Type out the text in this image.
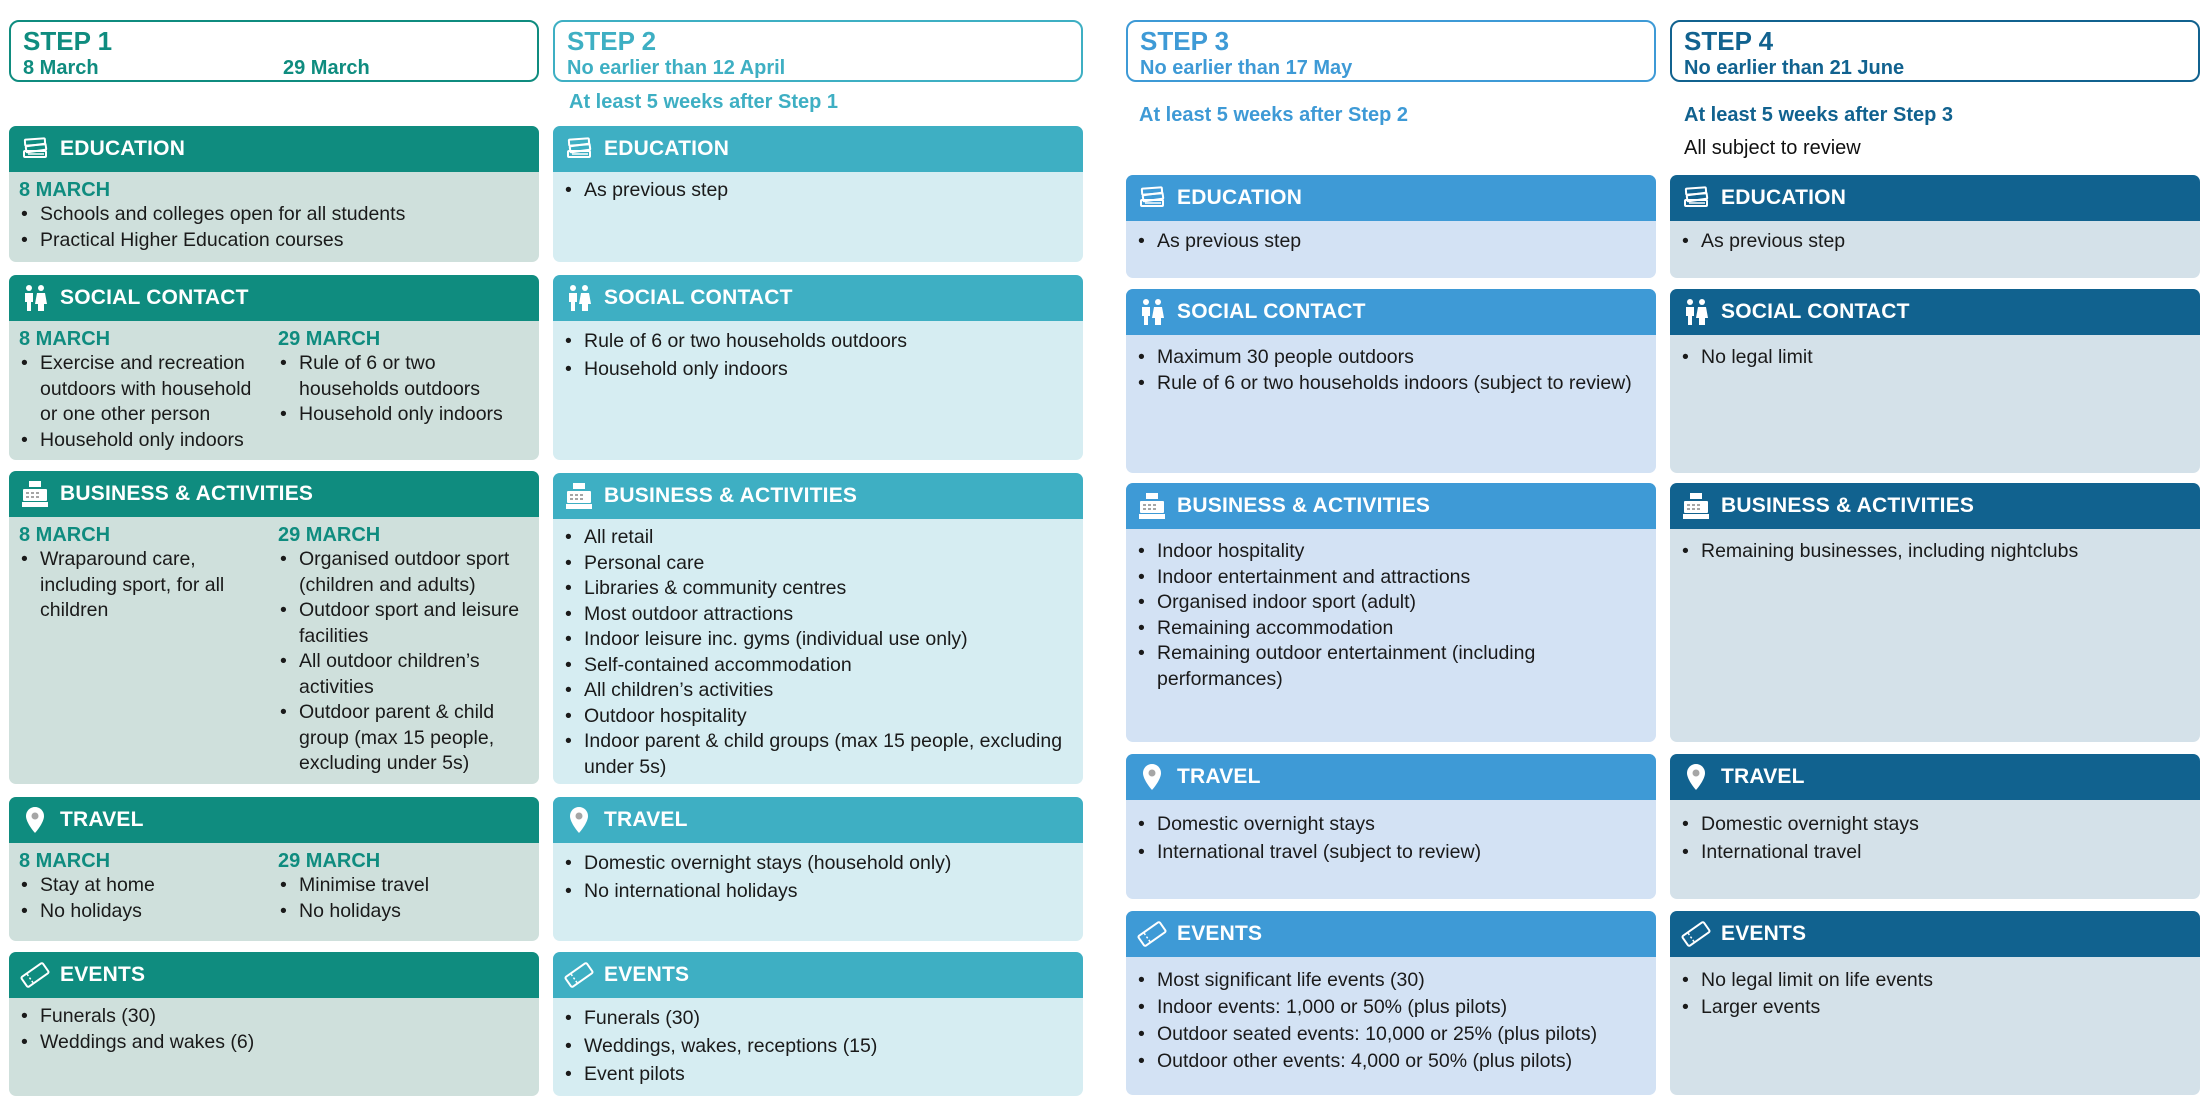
STEP 1
8 March	29 March
STEP 2
No earlier than 12 April
STEP 3
No earlier than 17 May
STEP 4
No earlier than 21 June
At least 5 weeks after Step 1
At least 5 weeks after Step 2	At least 5 weeks after Step 3
All subject to review
EDUCATION
8 MARCH
• Schools and colleges open for all students
• Practical Higher Education courses
SOCIAL CONTACT
8 MARCH
• Exercise and recreation outdoors with household or one other person
• Household only indoors
29 MARCH
• Rule of 6 or two households outdoors
• Household only indoors
BUSINESS & ACTIVITIES
8 MARCH
• Wraparound care, including sport, for all children
29 MARCH
• Organised outdoor sport (children and adults)
• Outdoor sport and leisure facilities
• All outdoor children’s activities
• Outdoor parent & child group (max 15 people, excluding under 5s)
TRAVEL
8 MARCH
• Stay at home
• No holidays
29 MARCH
• Minimise travel
• No holidays
EVENTS
• Funerals (30)
• Weddings and wakes (6)
EDUCATION
• As previous step
SOCIAL CONTACT
• Rule of 6 or two households outdoors
• Household only indoors
BUSINESS & ACTIVITIES
• All retail
• Personal care
• Libraries & community centres
• Most outdoor attractions
• Indoor leisure inc. gyms (individual use only)
• Self-contained accommodation
• All children’s activities
• Outdoor hospitality
• Indoor parent & child groups (max 15 people, excluding under 5s)
TRAVEL
• Domestic overnight stays (household only)
• No international holidays
EVENTS
• Funerals (30)
• Weddings, wakes, receptions (15)
• Event pilots
EDUCATION
• As previous step
SOCIAL CONTACT
• Maximum 30 people outdoors
• Rule of 6 or two households indoors (subject to review)
BUSINESS & ACTIVITIES
• Indoor hospitality
• Indoor entertainment and attractions
• Organised indoor sport (adult)
• Remaining accommodation
• Remaining outdoor entertainment (including performances)
TRAVEL
• Domestic overnight stays
• International travel (subject to review)
EVENTS
• Most significant life events (30)
• Indoor events: 1,000 or 50% (plus pilots)
• Outdoor seated events: 10,000 or 25% (plus pilots)
• Outdoor other events: 4,000 or 50% (plus pilots)
EDUCATION
• As previous step
SOCIAL CONTACT
• No legal limit
BUSINESS & ACTIVITIES
• Remaining businesses, including nightclubs
TRAVEL
• Domestic overnight stays
• International travel
EVENTS
• No legal limit on life events
• Larger events
